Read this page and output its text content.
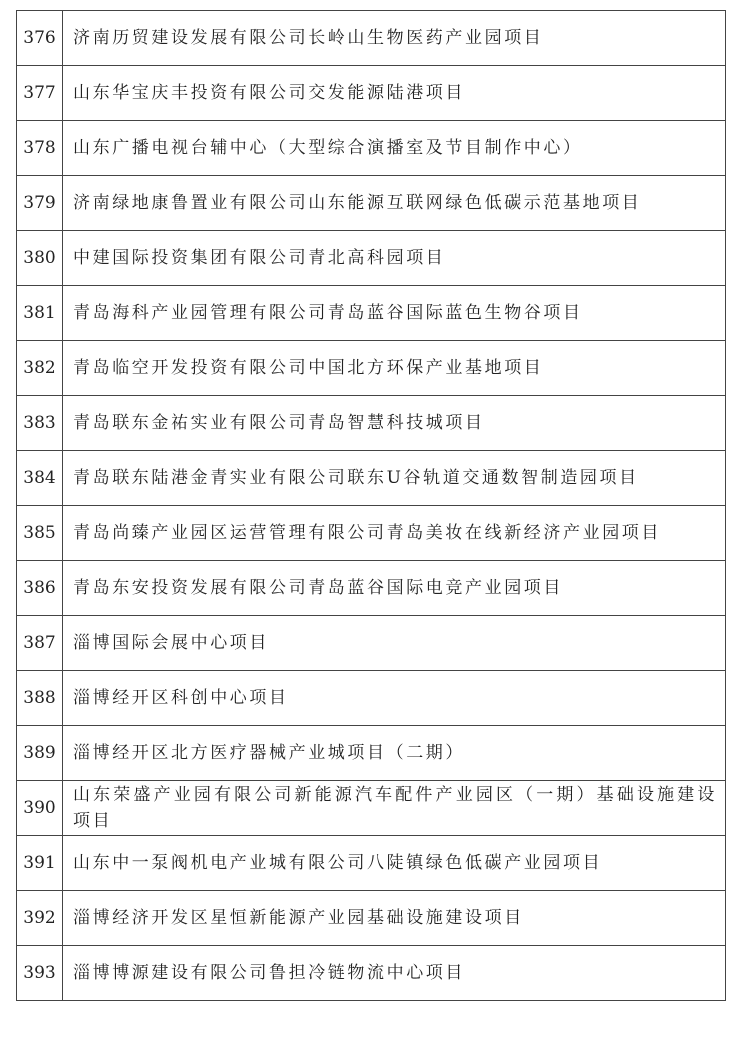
376	济南历贸建设发展有限公司长岭山生物医药产业园项目
377	山东华宝庆丰投资有限公司交发能源陆港项目
378	山东广播电视台辅中心（大型综合演播室及节目制作中心）
379	济南绿地康鲁置业有限公司山东能源互联网绿色低碳示范基地项目
380	中建国际投资集团有限公司青北高科园项目
381	青岛海科产业园管理有限公司青岛蓝谷国际蓝色生物谷项目
382	青岛临空开发投资有限公司中国北方环保产业基地项目
383	青岛联东金祐实业有限公司青岛智慧科技城项目
384	青岛联东陆港金青实业有限公司联东U谷轨道交通数智制造园项目
385	青岛尚臻产业园区运营管理有限公司青岛美妆在线新经济产业园项目
386	青岛东安投资发展有限公司青岛蓝谷国际电竞产业园项目
387	淄博国际会展中心项目
388	淄博经开区科创中心项目
389	淄博经开区北方医疗器械产业城项目（二期）
390	山东荣盛产业园有限公司新能源汽车配件产业园区（一期）基础设施建设项目
391	山东中一泵阀机电产业城有限公司八陡镇绿色低碳产业园项目
392	淄博经济开发区星恒新能源产业园基础设施建设项目
393	淄博博源建设有限公司鲁担冷链物流中心项目
